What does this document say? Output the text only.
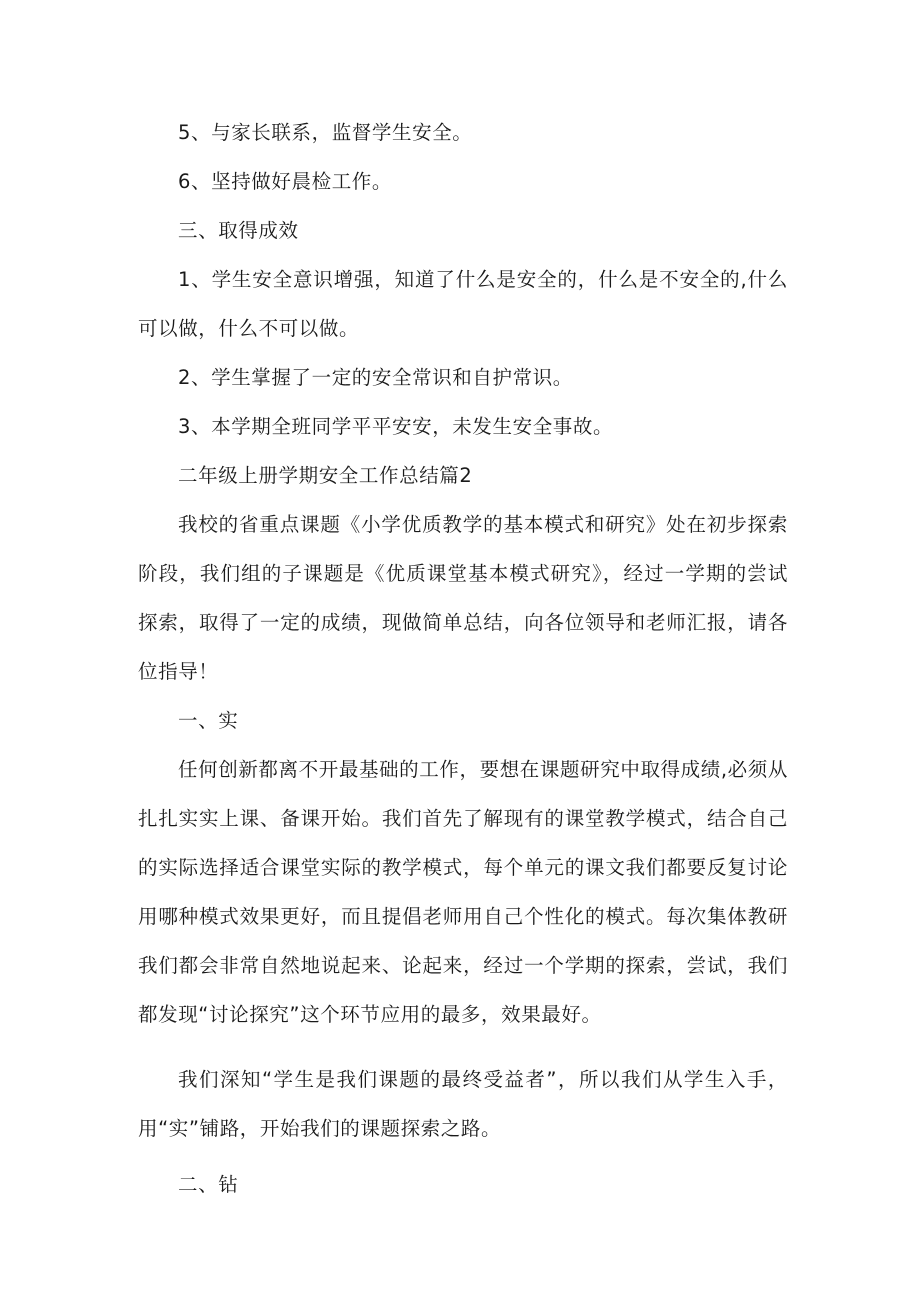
5、与家长联系，监督学生安全。

6、坚持做好晨检工作。

三、取得成效

1、学生安全意识增强，知道了什么是安全的，什么是不安全的,什么可以做，什么不可以做。

2、学生掌握了一定的安全常识和自护常识。

3、本学期全班同学平平安安，未发生安全事故。

二年级上册学期安全工作总结篇2

我校的省重点课题《小学优质教学的基本模式和研究》处在初步探索阶段，我们组的子课题是《优质课堂基本模式研究》，经过一学期的尝试探索，取得了一定的成绩，现做简单总结，向各位领导和老师汇报，请各位指导！

一、实

任何创新都离不开最基础的工作，要想在课题研究中取得成绩,必须从扎扎实实上课、备课开始。我们首先了解现有的课堂教学模式，结合自己的实际选择适合课堂实际的教学模式，每个单元的课文我们都要反复讨论用哪种模式效果更好，而且提倡老师用自己个性化的模式。每次集体教研我们都会非常自然地说起来、论起来，经过一个学期的探索，尝试，我们都发现“讨论探究”这个环节应用的最多，效果最好。

我们深知“学生是我们课题的最终受益者”，所以我们从学生入手，用“实”铺路，开始我们的课题探索之路。

二、钻
